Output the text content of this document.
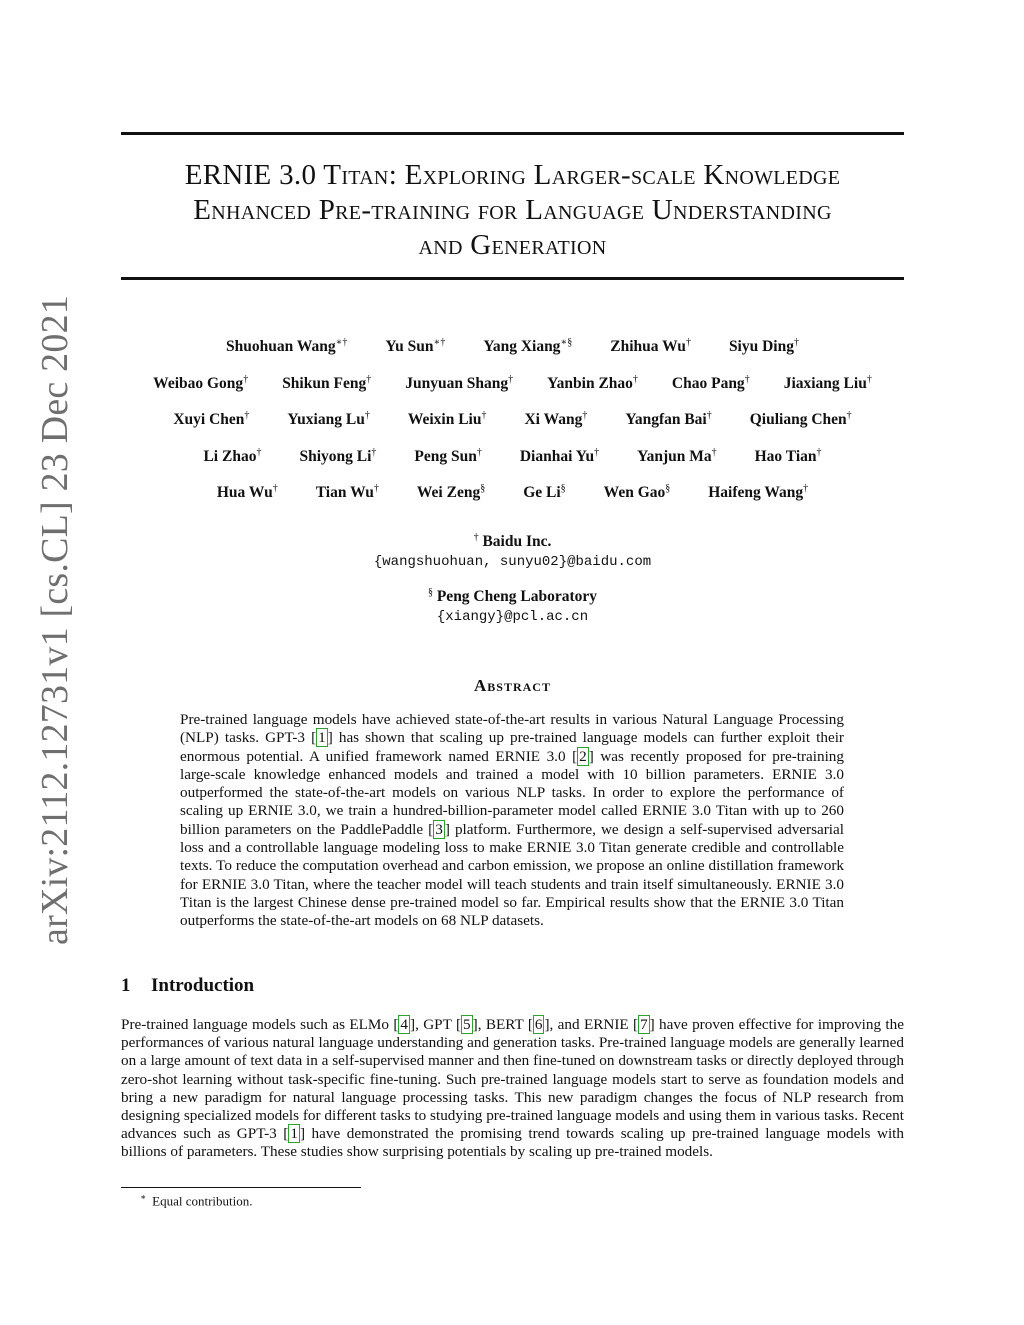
arXiv:2112.12731v1 [cs.CL] 23 Dec 2021
ERNIE 3.0 Titan: Exploring Larger-scale Knowledge
Enhanced Pre-training for Language Understanding
and Generation
Shuohuan Wang∗† Yu Sun∗† Yang Xiang∗§ Zhihua Wu† Siyu Ding†
Weibao Gong† Shikun Feng† Junyuan Shang† Yanbin Zhao† Chao Pang† Jiaxiang Liu†
Xuyi Chen† Yuxiang Lu† Weixin Liu† Xi Wang† Yangfan Bai† Qiuliang Chen†
Li Zhao† Shiyong Li† Peng Sun† Dianhai Yu† Yanjun Ma† Hao Tian†
Hua Wu† Tian Wu† Wei Zeng§ Ge Li§ Wen Gao§ Haifeng Wang†
† Baidu Inc.
{wangshuohuan, sunyu02}@baidu.com
§ Peng Cheng Laboratory
{xiangy}@pcl.ac.cn
Abstract
Pre-trained language models have achieved state-of-the-art results in various Natural Language Processing (NLP) tasks. GPT-3 [ 1 ] has shown that scaling up pre-trained language models can further exploit their enormous potential. A unified framework named ERNIE 3.0 [ 2 ] was recently proposed for pre-training large-scale knowledge enhanced models and trained a model with 10 billion parameters. ERNIE 3.0 outperformed the state-of-the-art models on various NLP tasks. In order to explore the performance of scaling up ERNIE 3.0, we train a hundred-billion-parameter model called ERNIE 3.0 Titan with up to 260 billion parameters on the PaddlePaddle [ 3 ] platform. Furthermore, we design a self-supervised adversarial loss and a controllable language modeling loss to make ERNIE 3.0 Titan generate credible and controllable texts. To reduce the computation overhead and carbon emission, we propose an online distillation framework for ERNIE 3.0 Titan, where the teacher model will teach students and train itself simultaneously. ERNIE 3.0 Titan is the largest Chinese dense pre-trained model so far. Empirical results show that the ERNIE 3.0 Titan outperforms the state-of-the-art models on 68 NLP datasets.
1 Introduction
Pre-trained language models such as ELMo [ 4 ], GPT [ 5 ], BERT [ 6 ], and ERNIE [ 7 ] have proven effective for improving the performances of various natural language understanding and generation tasks. Pre-trained language models are generally learned on a large amount of text data in a self-supervised manner and then fine-tuned on downstream tasks or directly deployed through zero-shot learning without task-specific fine-tuning. Such pre-trained language models start to serve as foundation models and bring a new paradigm for natural language processing tasks. This new paradigm changes the focus of NLP research from designing specialized models for different tasks to studying pre-trained language models and using them in various tasks. Recent advances such as GPT-3 [ 1 ] have demonstrated the promising trend towards scaling up pre-trained language models with billions of parameters. These studies show surprising potentials by scaling up pre-trained models.
∗ Equal contribution.
